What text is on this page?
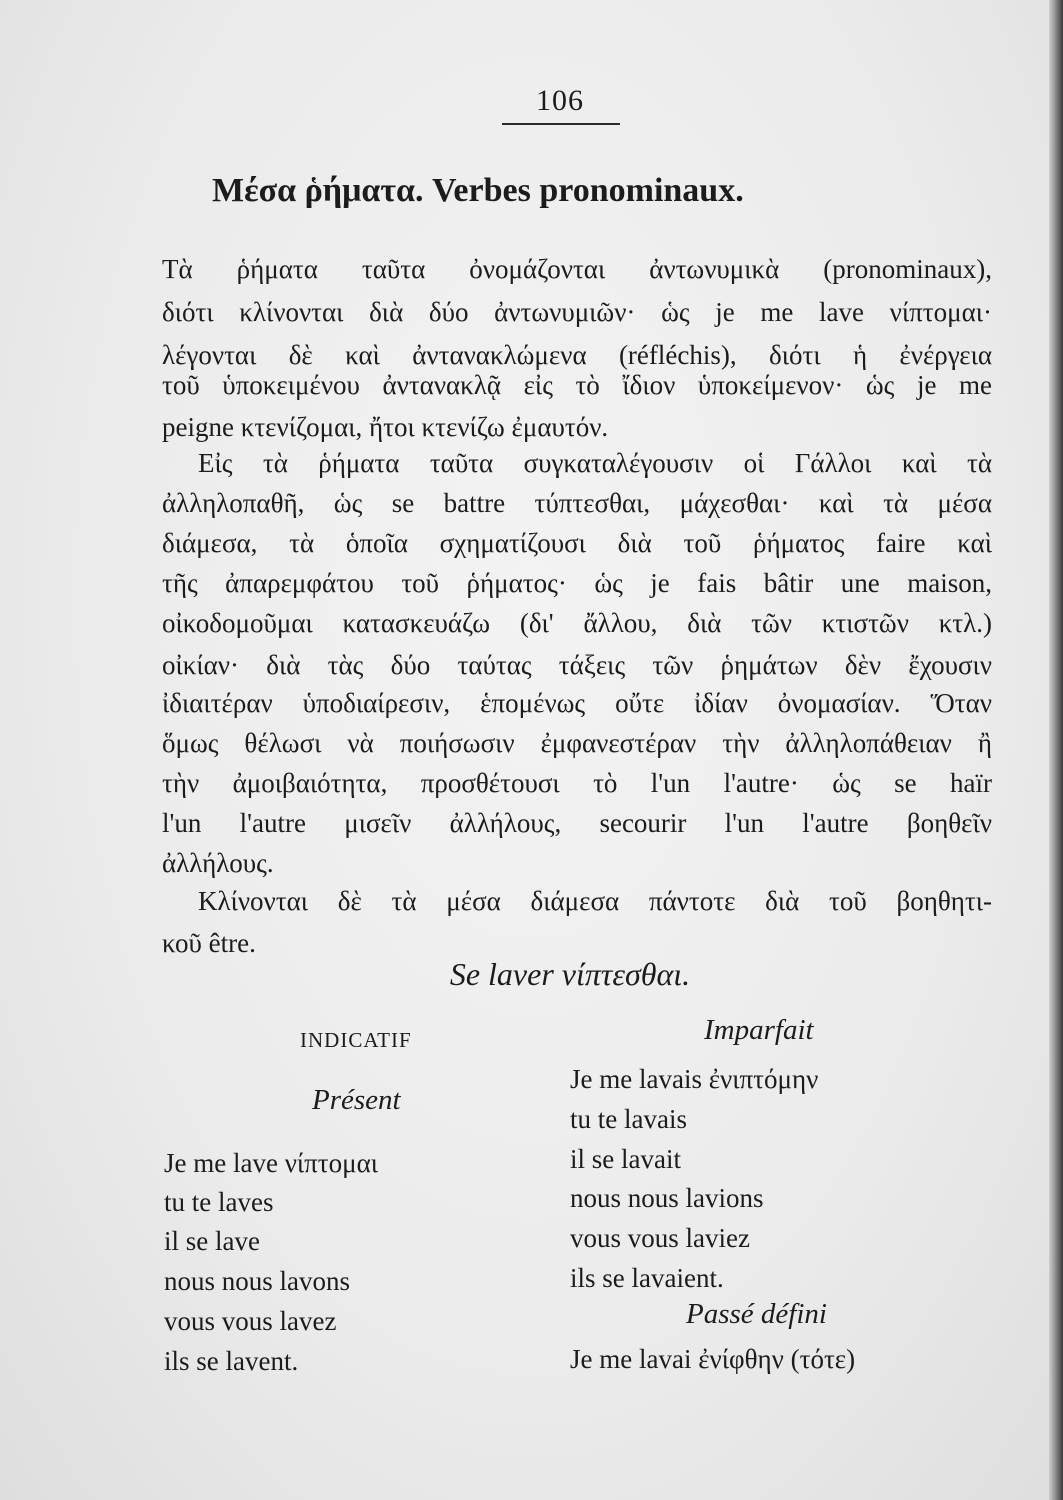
106
Μέσα ῥήματα. Verbes pronominaux.
Τὰ ῥήματα ταῦτα ὀνομάζονται ἀντωνυμικὰ (pronominaux),
διότι κλίνονται διὰ δύο ἀντωνυμιῶν· ὡς je me lave νίπτομαι·
λέγονται δὲ καὶ ἀντανακλώμενα (réfléchis), διότι ἡ ἐνέργεια
τοῦ ὑποκειμένου ἀντανακλᾷ εἰς τὸ ἴδιον ὑποκείμενον· ὡς je me
peigne κτενίζομαι, ἤτοι κτενίζω ἐμαυτόν.
Εἰς τὰ ῥήματα ταῦτα συγκαταλέγουσιν οἱ Γάλλοι καὶ τὰ
ἀλληλοπαθῆ, ὡς se battre τύπτεσθαι, μάχεσθαι· καὶ τὰ μέσα
διάμεσα, τὰ ὁποῖα σχηματίζουσι διὰ τοῦ ῥήματος faire καὶ
τῆς ἀπαρεμφάτου τοῦ ῥήματος· ὡς je fais bâtir une maison,
οἰκοδομοῦμαι κατασκευάζω (δι' ἄλλου, διὰ τῶν κτιστῶν κτλ.)
οἰκίαν· διὰ τὰς δύο ταύτας τάξεις τῶν ῥημάτων δὲν ἔχουσιν
ἰδιαιτέραν ὑποδιαίρεσιν, ἑπομένως οὔτε ἰδίαν ὀνομασίαν. Ὅταν
ὅμως θέλωσι νὰ ποιήσωσιν ἐμφανεστέραν τὴν ἀλληλοπάθειαν ἢ
τὴν ἀμοιβαιότητα, προσθέτουσι τὸ l'un l'autre· ὡς se haïr
l'un l'autre μισεῖν ἀλλήλους, secourir l'un l'autre βοηθεῖν
ἀλλήλους.
Κλίνονται δὲ τὰ μέσα διάμεσα πάντοτε διὰ τοῦ βοηθητι-
κοῦ être.
Se laver νίπτεσθαι.
INDICATIF
Présent
Je me lave νίπτομαι
tu te laves
il se lave
nous nous lavons
vous vous lavez
ils se lavent.
Imparfait
Je me lavais ἐνιπτόμην
tu te lavais
il se lavait
nous nous lavions
vous vous laviez
ils se lavaient.
Passé défini
Je me lavai ἐνίφθην (τότε)
